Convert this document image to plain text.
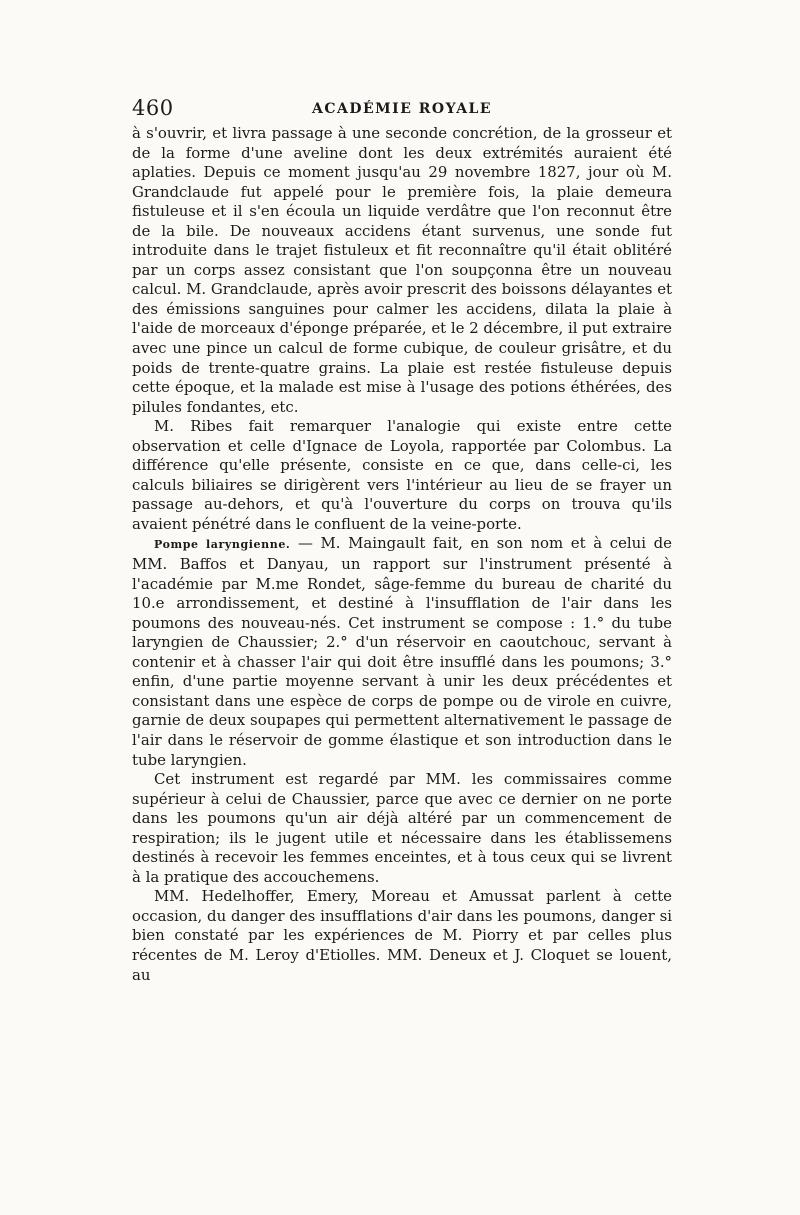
460	ACADÉMIE ROYALE

à s'ouvrir, et livra passage à une seconde concrétion, de la grosseur et de la forme d'une aveline dont les deux extrémités auraient été aplaties. Depuis ce moment jusqu'au 29 novembre 1827, jour où M. Grandclaude fut appelé pour le première fois, la plaie demeura fistuleuse et il s'en écoula un liquide verdâtre que l'on reconnut être de la bile. De nouveaux accidens étant survenus, une sonde fut introduite dans le trajet fistuleux et fit reconnaître qu'il était oblitéré par un corps assez consistant que l'on soupçonna être un nouveau calcul. M. Grandclaude, après avoir prescrit des boissons délayantes et des émissions sanguines pour calmer les accidens, dilata la plaie à l'aide de morceaux d'éponge préparée, et le 2 décembre, il put extraire avec une pince un calcul de forme cubique, de couleur grisâtre, et du poids de trente-quatre grains. La plaie est restée fistuleuse depuis cette époque, et la malade est mise à l'usage des potions éthérées, des pilules fondantes, etc.

M. Ribes fait remarquer l'analogie qui existe entre cette observation et celle d'Ignace de Loyola, rapportée par Colombus. La différence qu'elle présente, consiste en ce que, dans celle-ci, les calculs biliaires se dirigèrent vers l'intérieur au lieu de se frayer un passage au-dehors, et qu'à l'ouverture du corps on trouva qu'ils avaient pénétré dans le confluent de la veine-porte.

Pompe laryngienne. — M. Maingault fait, en son nom et à celui de MM. Baffos et Danyau, un rapport sur l'instrument présenté à l'académie par M.me Rondet, sâge-femme du bureau de charité du 10.e arrondissement, et destiné à l'insufflation de l'air dans les poumons des nouveau-nés. Cet instrument se compose : 1.° du tube laryngien de Chaussier; 2.° d'un réservoir en caoutchouc, servant à contenir et à chasser l'air qui doit être insufflé dans les poumons; 3.° enfin, d'une partie moyenne servant à unir les deux précédentes et consistant dans une espèce de corps de pompe ou de virole en cuivre, garnie de deux soupapes qui permettent alternativement le passage de l'air dans le réservoir de gomme élastique et son introduction dans le tube laryngien.

Cet instrument est regardé par MM. les commissaires comme supérieur à celui de Chaussier, parce que avec ce dernier on ne porte dans les poumons qu'un air déjà altéré par un commencement de respiration; ils le jugent utile et nécessaire dans les établissemens destinés à recevoir les femmes enceintes, et à tous ceux qui se livrent à la pratique des accouchemens.

MM. Hedelhoffer, Emery, Moreau et Amussat parlent à cette occasion, du danger des insufflations d'air dans les poumons, danger si bien constaté par les expériences de M. Piorry et par celles plus récentes de M. Leroy d'Etiolles. MM. Deneux et J. Cloquet se louent, au
